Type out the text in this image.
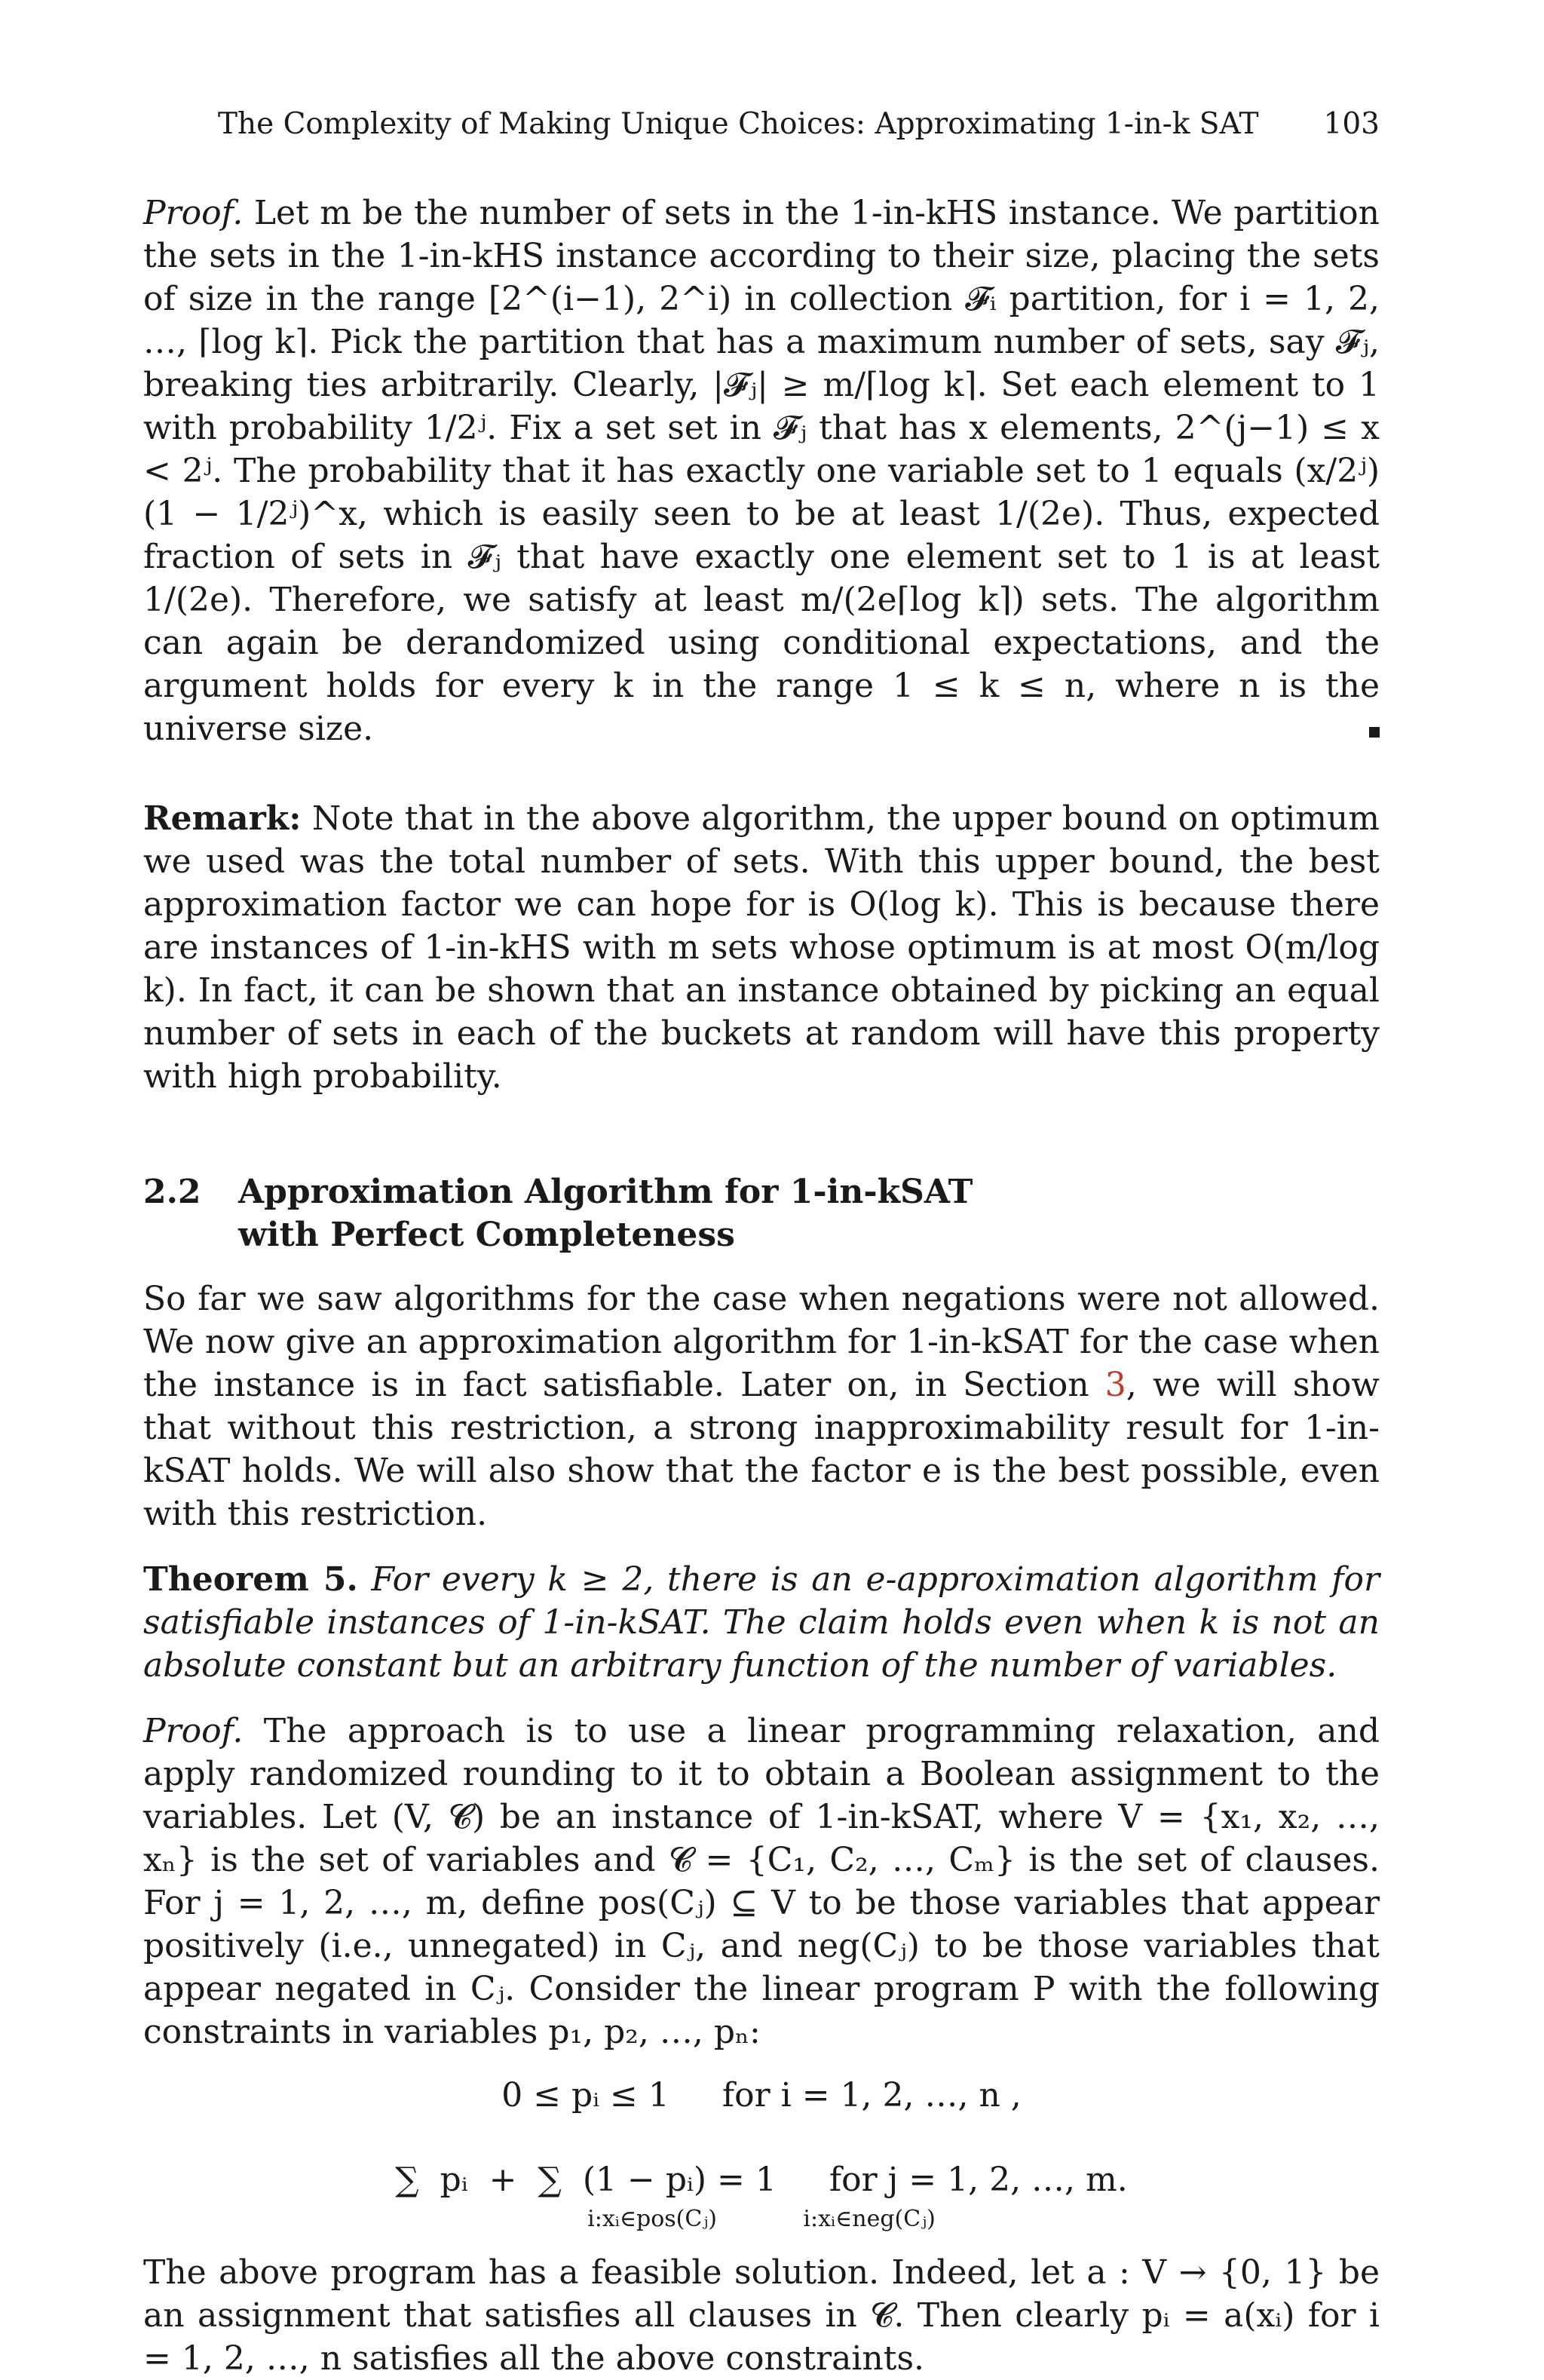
The Complexity of Making Unique Choices: Approximating 1-in-k SAT 103

Proof. Let m be the number of sets in the 1-in-kHS instance. We partition the sets in the 1-in-kHS instance according to their size, placing the sets of size in the range [2^(i−1), 2^i) in collection 𝓕ᵢ partition, for i = 1, 2, …, ⌈log k⌉. Pick the partition that has a maximum number of sets, say 𝓕ⱼ, breaking ties arbitrarily. Clearly, |𝓕ⱼ| ≥ m/⌈log k⌉. Set each element to 1 with probability 1/2ʲ. Fix a set set in 𝓕ⱼ that has x elements, 2^(j−1) ≤ x < 2ʲ. The probability that it has exactly one variable set to 1 equals (x/2ʲ)(1 − 1/2ʲ)^x, which is easily seen to be at least 1/(2e). Thus, expected fraction of sets in 𝓕ⱼ that have exactly one element set to 1 is at least 1/(2e). Therefore, we satisfy at least m/(2e⌈log k⌉) sets. The algorithm can again be derandomized using conditional expectations, and the argument holds for every k in the range 1 ≤ k ≤ n, where n is the universe size.

Remark: Note that in the above algorithm, the upper bound on optimum we used was the total number of sets. With this upper bound, the best approximation factor we can hope for is O(log k). This is because there are instances of 1-in-kHS with m sets whose optimum is at most O(m/log k). In fact, it can be shown that an instance obtained by picking an equal number of sets in each of the buckets at random will have this property with high probability.

2.2	Approximation Algorithm for 1-in-kSAT
with Perfect Completeness

So far we saw algorithms for the case when negations were not allowed. We now give an approximation algorithm for 1-in-kSAT for the case when the instance is in fact satisfiable. Later on, in Section 3, we will show that without this restriction, a strong inapproximability result for 1-in-kSAT holds. We will also show that the factor e is the best possible, even with this restriction.

Theorem 5. For every k ≥ 2, there is an e-approximation algorithm for satisfiable instances of 1-in-kSAT. The claim holds even when k is not an absolute constant but an arbitrary function of the number of variables.

Proof. The approach is to use a linear programming relaxation, and apply randomized rounding to it to obtain a Boolean assignment to the variables. Let (V, 𝓒) be an instance of 1-in-kSAT, where V = {x₁, x₂, …, xₙ} is the set of variables and 𝓒 = {C₁, C₂, …, Cₘ} is the set of clauses. For j = 1, 2, …, m, define pos(Cⱼ) ⊆ V to be those variables that appear positively (i.e., unnegated) in Cⱼ, and neg(Cⱼ) to be those variables that appear negated in Cⱼ. Consider the linear program P with the following constraints in variables p₁, p₂, …, pₙ:

0 ≤ pᵢ ≤ 1     for i = 1, 2, …, n ,
∑  pᵢ  +  ∑  (1 − pᵢ) = 1     for j = 1, 2, …, m.
i:xᵢ∈pos(Cⱼ)            i:xᵢ∈neg(Cⱼ)

The above program has a feasible solution. Indeed, let a : V → {0, 1} be an assignment that satisfies all clauses in 𝓒. Then clearly pᵢ = a(xᵢ) for i = 1, 2, …, n satisfies all the above constraints.
